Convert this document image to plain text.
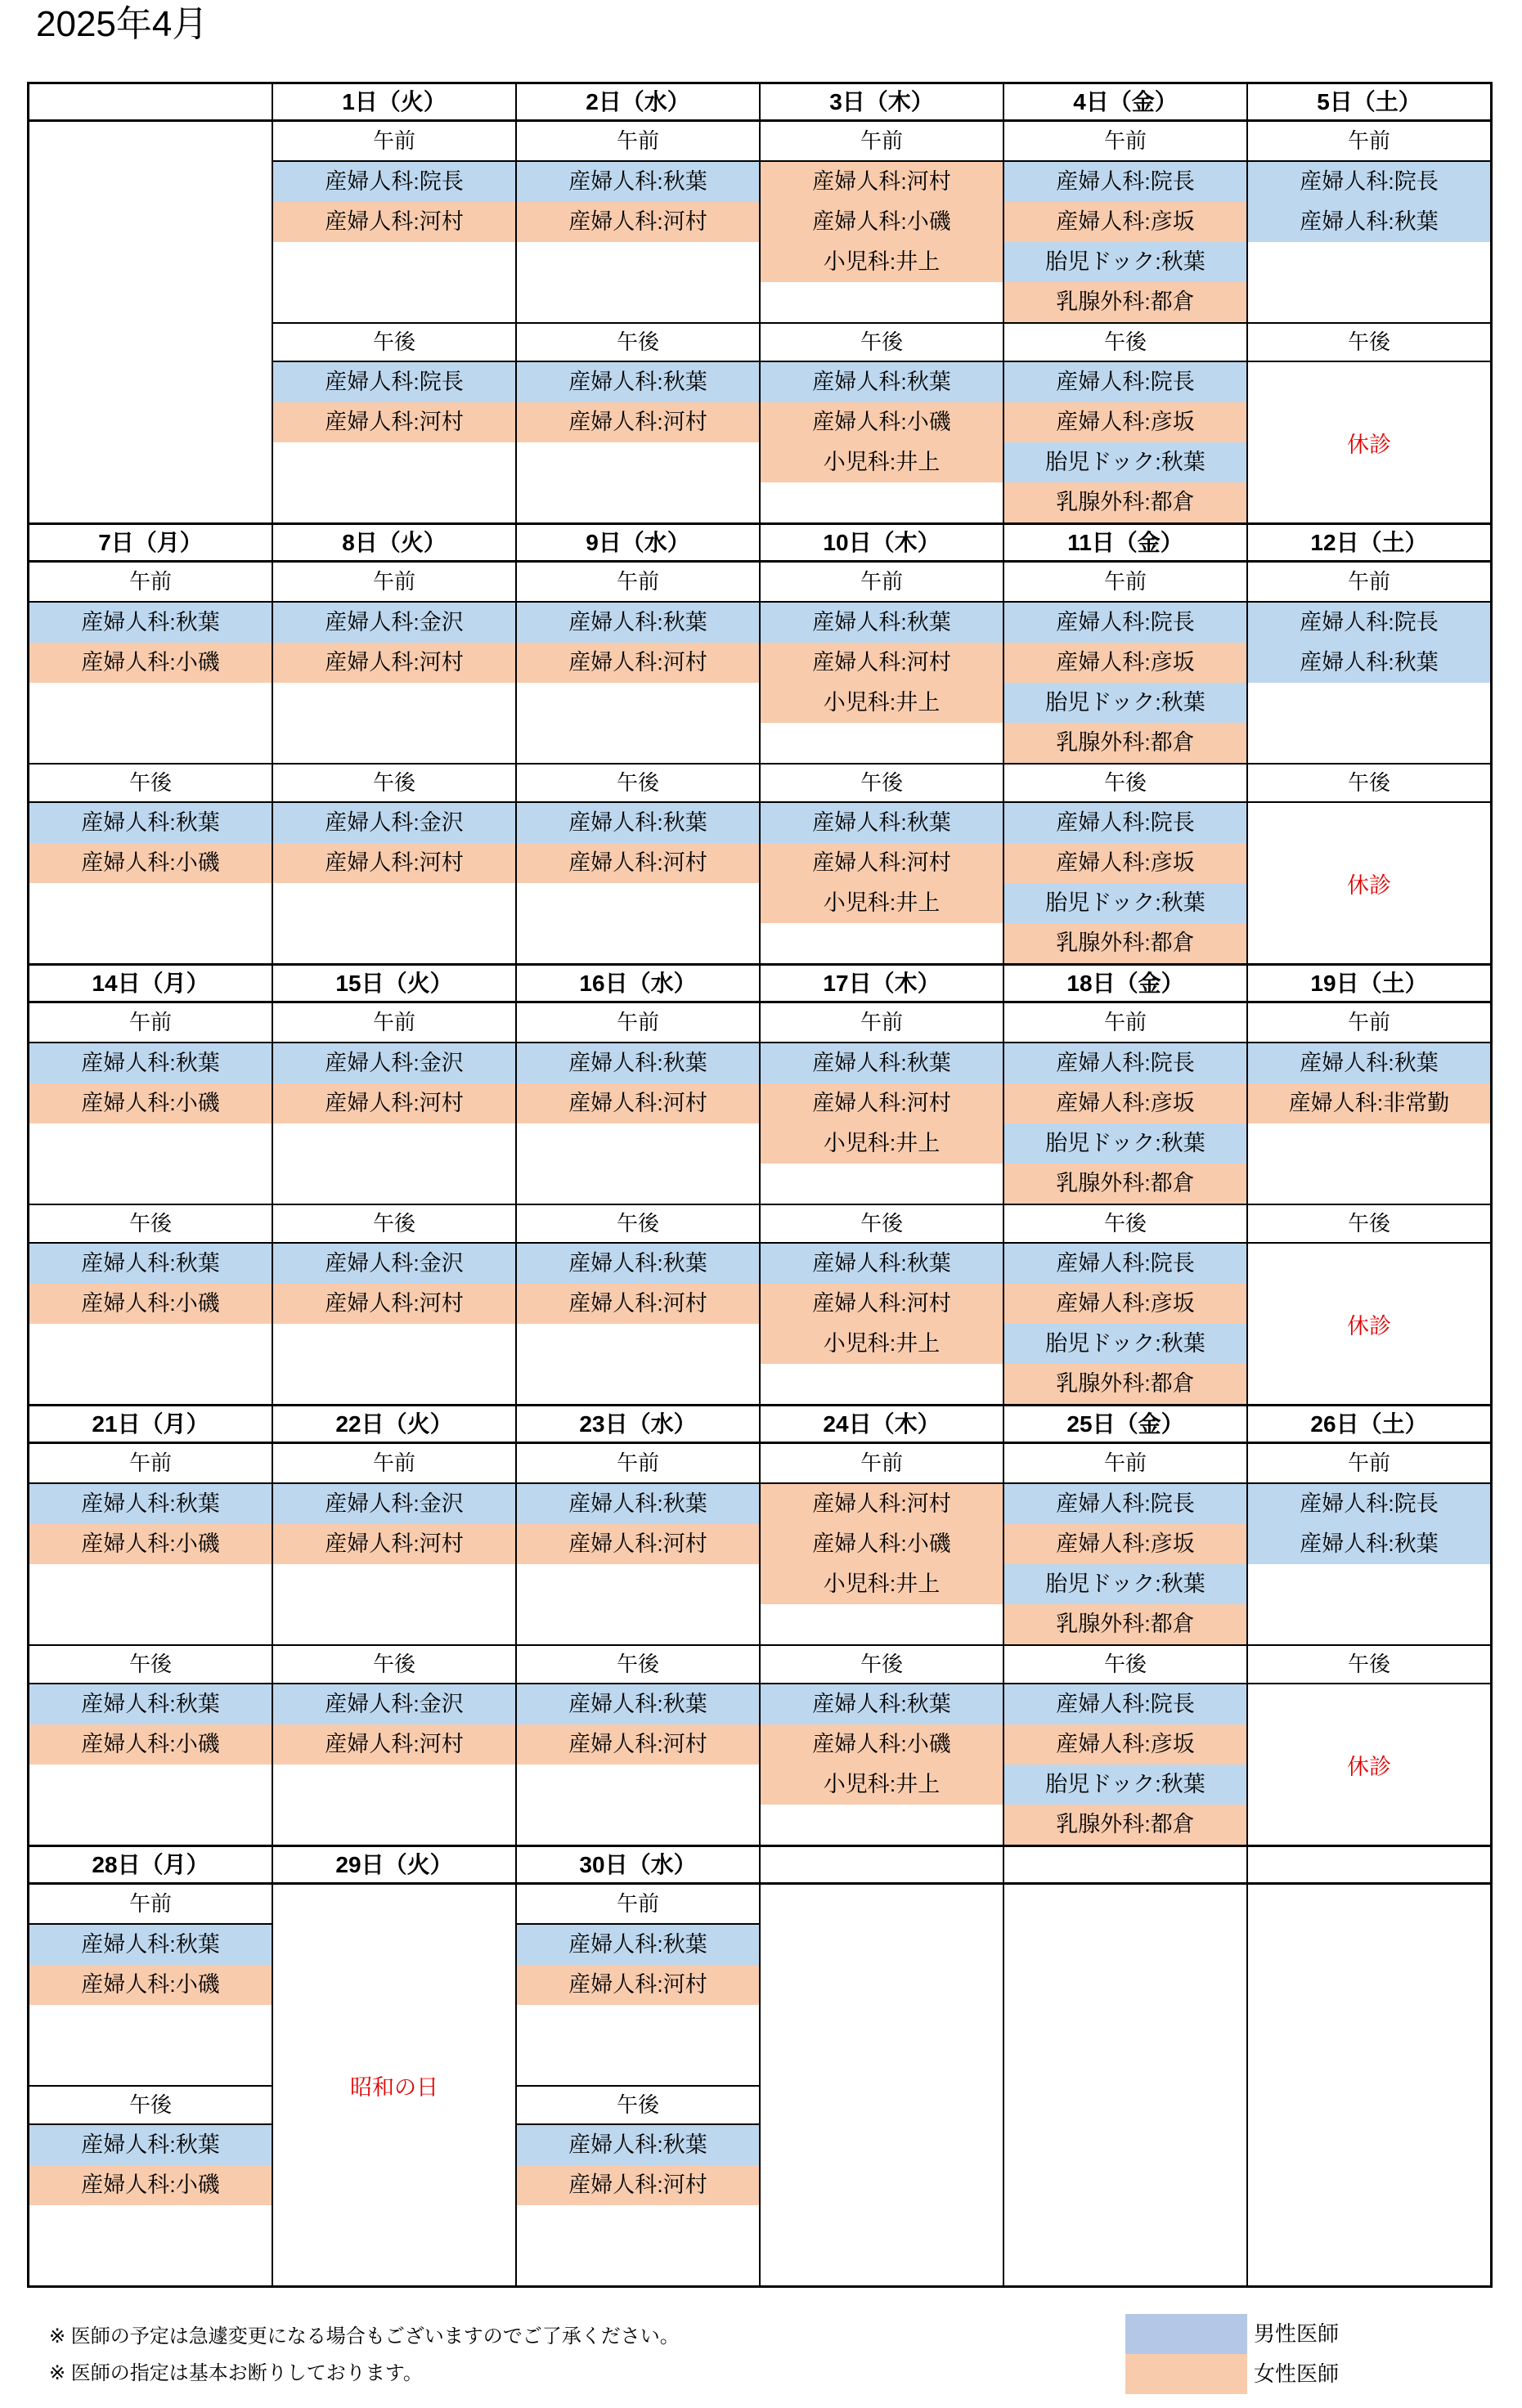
2025年4月
1日（火）
午前
産婦人科:院長
産婦人科:河村
午後
産婦人科:院長
産婦人科:河村
2日（水）
午前
産婦人科:秋葉
産婦人科:河村
午後
産婦人科:秋葉
産婦人科:河村
3日（木）
午前
産婦人科:河村
産婦人科:小磯
小児科:井上
午後
産婦人科:秋葉
産婦人科:小磯
小児科:井上
4日（金）
午前
産婦人科:院長
産婦人科:彦坂
胎児ドック:秋葉
乳腺外科:都倉
午後
産婦人科:院長
産婦人科:彦坂
胎児ドック:秋葉
乳腺外科:都倉
5日（土）
午前
産婦人科:院長
産婦人科:秋葉
午後
休診
7日（月）
午前
産婦人科:秋葉
産婦人科:小磯
午後
産婦人科:秋葉
産婦人科:小磯
8日（火）
午前
産婦人科:金沢
産婦人科:河村
午後
産婦人科:金沢
産婦人科:河村
9日（水）
午前
産婦人科:秋葉
産婦人科:河村
午後
産婦人科:秋葉
産婦人科:河村
10日（木）
午前
産婦人科:秋葉
産婦人科:河村
小児科:井上
午後
産婦人科:秋葉
産婦人科:河村
小児科:井上
11日（金）
午前
産婦人科:院長
産婦人科:彦坂
胎児ドック:秋葉
乳腺外科:都倉
午後
産婦人科:院長
産婦人科:彦坂
胎児ドック:秋葉
乳腺外科:都倉
12日（土）
午前
産婦人科:院長
産婦人科:秋葉
午後
休診
14日（月）
午前
産婦人科:秋葉
産婦人科:小磯
午後
産婦人科:秋葉
産婦人科:小磯
15日（火）
午前
産婦人科:金沢
産婦人科:河村
午後
産婦人科:金沢
産婦人科:河村
16日（水）
午前
産婦人科:秋葉
産婦人科:河村
午後
産婦人科:秋葉
産婦人科:河村
17日（木）
午前
産婦人科:秋葉
産婦人科:河村
小児科:井上
午後
産婦人科:秋葉
産婦人科:河村
小児科:井上
18日（金）
午前
産婦人科:院長
産婦人科:彦坂
胎児ドック:秋葉
乳腺外科:都倉
午後
産婦人科:院長
産婦人科:彦坂
胎児ドック:秋葉
乳腺外科:都倉
19日（土）
午前
産婦人科:秋葉
産婦人科:非常勤
午後
休診
21日（月）
午前
産婦人科:秋葉
産婦人科:小磯
午後
産婦人科:秋葉
産婦人科:小磯
22日（火）
午前
産婦人科:金沢
産婦人科:河村
午後
産婦人科:金沢
産婦人科:河村
23日（水）
午前
産婦人科:秋葉
産婦人科:河村
午後
産婦人科:秋葉
産婦人科:河村
24日（木）
午前
産婦人科:河村
産婦人科:小磯
小児科:井上
午後
産婦人科:秋葉
産婦人科:小磯
小児科:井上
25日（金）
午前
産婦人科:院長
産婦人科:彦坂
胎児ドック:秋葉
乳腺外科:都倉
午後
産婦人科:院長
産婦人科:彦坂
胎児ドック:秋葉
乳腺外科:都倉
26日（土）
午前
産婦人科:院長
産婦人科:秋葉
午後
休診
28日（月）
午前
産婦人科:秋葉
産婦人科:小磯
午後
産婦人科:秋葉
産婦人科:小磯
29日（火）
昭和の日
30日（水）
午前
産婦人科:秋葉
産婦人科:河村
午後
産婦人科:秋葉
産婦人科:河村
※ 医師の予定は急遽変更になる場合もございますのでご了承ください。
※ 医師の指定は基本お断りしております。
男性医師
女性医師
